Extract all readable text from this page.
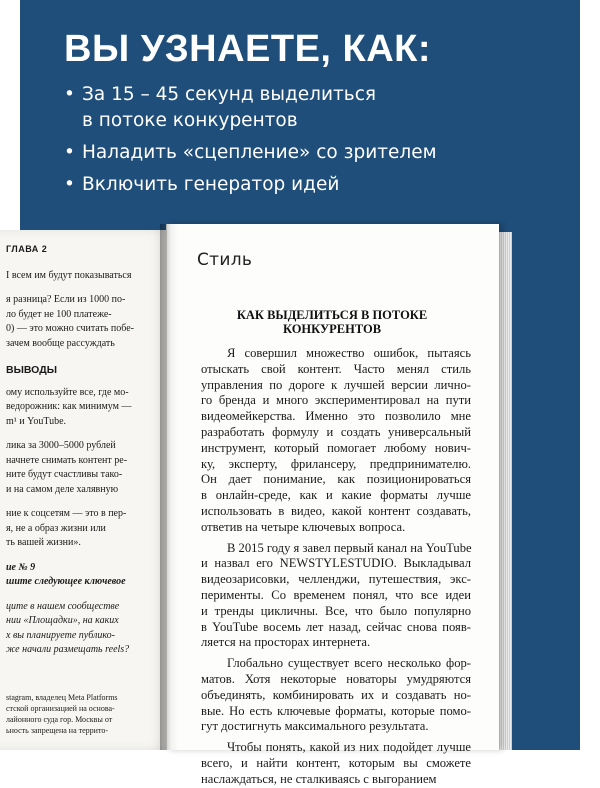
ВЫ УЗНАЕТЕ, КАК:
• За 15 – 45 секунд выделиться
в потоке конкурентов
• Наладить «сцепление» со зрителем
• Включить генератор идей
ГЛАВА 2

I всем им будут показываться

я разница? Если из 1000 по-

ло будет не 100 платеже-

0) — это можно считать побе-

зачем вообще рассуждать

ВЫВОДЫ

ому используйте все, где мо-

ведорожник: как минимум —

m¹ и YouTube.

лика за 3000–5000 рублей

начнете снимать контент ре-

ните будут счастливы тако-

и на самом деле халявную

ние к соцсетям — это в пер-

я, не а образ жизни или

ть вашей жизни».

ие № 9

шите следующее ключевое

ците в нашем сообществе

нии «Площадки», на каких

х вы планируете публико-

же начали размещать reels?

stagram, владелец Meta Platforms

стской организацией на основа-

лайонного суда гор. Москвы от

ьность запрещена на террито-

Стиль
КАК ВЫДЕЛИТЬСЯ В ПОТОКЕ
КОНКУРЕНТОВ
Я совершил множество ошибок, пытаясь
отыскать свой контент. Часто менял стиль
управления по дороге к лучшей версии лично-
го бренда и много экспериментировал на пути
видеомейкерства. Именно это позволило мне
разработать формулу и создать универсальный
инструмент, который помогает любому нович-
ку, эксперту, фрилансеру, предпринимателю.
Он дает понимание, как позиционироваться
в онлайн-среде, как и какие форматы лучше
использовать в видео, какой контент создавать,
ответив на четыре ключевых вопроса.
В 2015 году я завел первый канал на YouTube
и назвал его NEWSTYLESTUDIO. Выкладывал
видеозарисовки, челленджи, путешествия, экс-
перименты. Со временем понял, что все идеи
и тренды цикличны. Все, что было популярно
в YouTube восемь лет назад, сейчас снова появ-
ляется на просторах интернета.
Глобально существует всего несколько фор-
матов. Хотя некоторые новаторы умудряются
объединять, комбинировать их и создавать но-
вые. Но есть ключевые форматы, которые помо-
гут достигнуть максимального результата.
Чтобы понять, какой из них подойдет лучше
всего, и найти контент, которым вы сможете
наслаждаться, не сталкиваясь с выгоранием
